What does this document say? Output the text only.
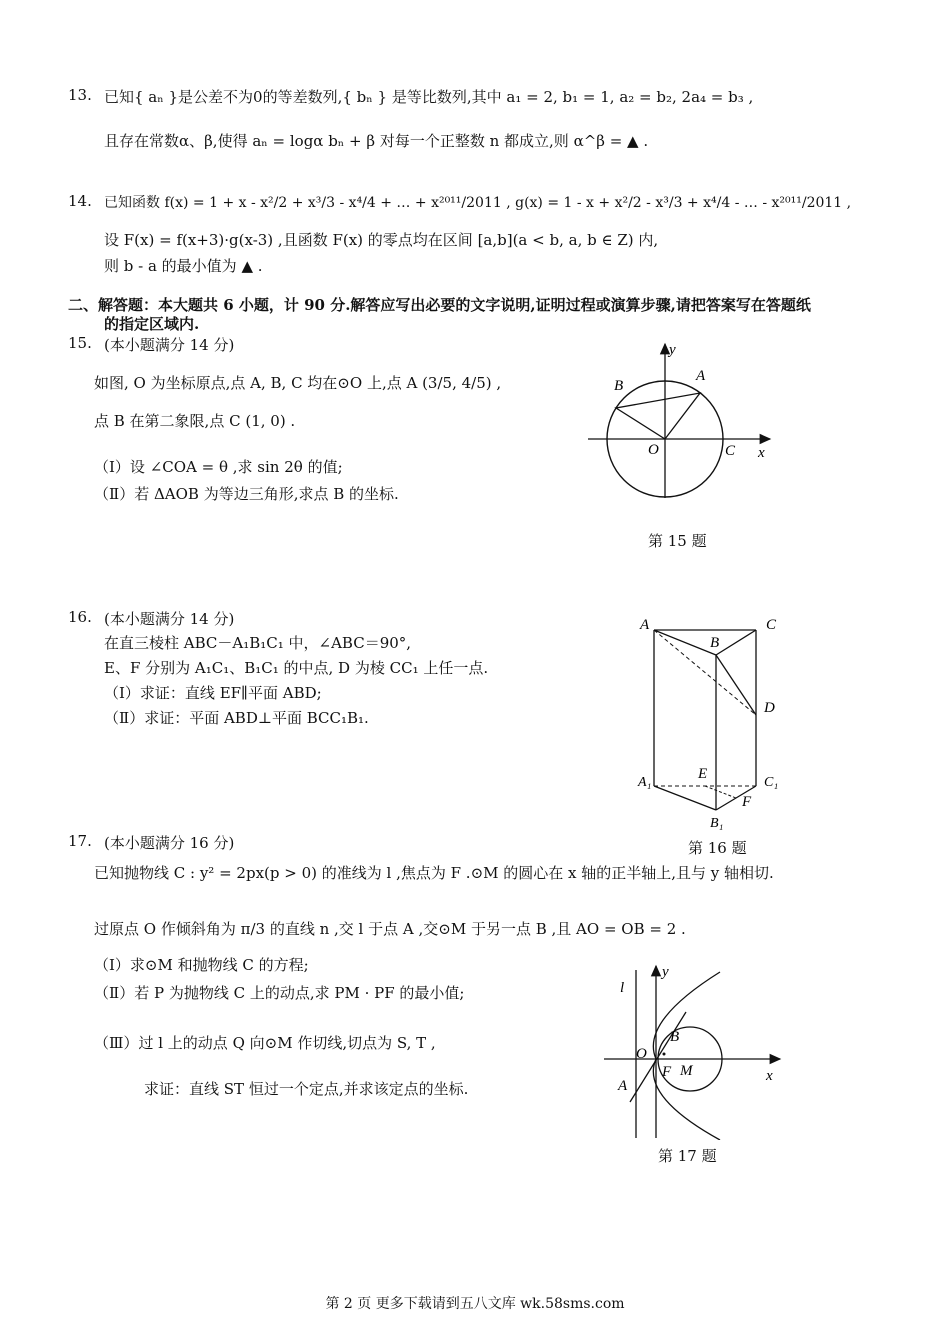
13. 已知{ aₙ }是公差不为0的等差数列,{ bₙ } 是等比数列,其中 a₁ = 2, b₁ = 1, a₂ = b₂, 2a₄ = b₃ ,
且存在常数α、β,使得 aₙ = logα bₙ + β 对每一个正整数 n 都成立,则 α^β = ▲ .
14. 已知函数 f(x) = 1 + x - x²/2 + x³/3 - x⁴/4 + … + x²⁰¹¹/2011 , g(x) = 1 - x + x²/2 - x³/3 + x⁴/4 - … - x²⁰¹¹/2011 ,
设 F(x) = f(x+3)·g(x-3) ,且函数 F(x) 的零点均在区间 [a,b](a < b, a, b ∈ Z) 内,
则 b - a 的最小值为 ▲ .
二、解答题：本大题共 6 小题，计 90 分.解答应写出必要的文字说明,证明过程或演算步骤,请把答案写在答题纸
的指定区域内.
15. (本小题满分 14 分)
如图, O 为坐标原点,点 A, B, C 均在⊙O 上,点 A (3/5, 4/5) ,
点 B 在第二象限,点 C (1, 0) .
（Ⅰ）设 ∠COA = θ ,求 sin 2θ 的值;
（Ⅱ）若 ΔAOB 为等边三角形,求点 B 的坐标.
y
x
A
B
O	C
第 15 题
16. (本小题满分 14 分)
在直三棱柱 ABC－A₁B₁C₁ 中，∠ABC＝90°,
E、F 分别为 A₁C₁、B₁C₁ 的中点, D 为棱 CC₁ 上任一点.
（Ⅰ）求证：直线 EF∥平面 ABD;
（Ⅱ）求证：平面 ABD⊥平面 BCC₁B₁.
A
B
C
D
E
F
A₁
B₁
C₁
第 16 题
17. (本小题满分 16 分)
已知抛物线 C : y² = 2px(p > 0) 的准线为 l ,焦点为 F .⊙M 的圆心在 x 轴的正半轴上,且与 y 轴相切.
过原点 O 作倾斜角为 π/3 的直线 n ,交 l 于点 A ,交⊙M 于另一点 B ,且 AO = OB = 2 .
（Ⅰ）求⊙M 和抛物线 C 的方程;
（Ⅱ）若 P 为抛物线 C 上的动点,求 PM · PF 的最小值;
（Ⅲ）过 l 上的动点 Q 向⊙M 作切线,切点为 S, T ,
求证：直线 ST 恒过一个定点,并求该定点的坐标.
l
y
x
O
A
B
F M
第 17 题
第 2 页 更多下载请到五八文库 wk.58sms.com
